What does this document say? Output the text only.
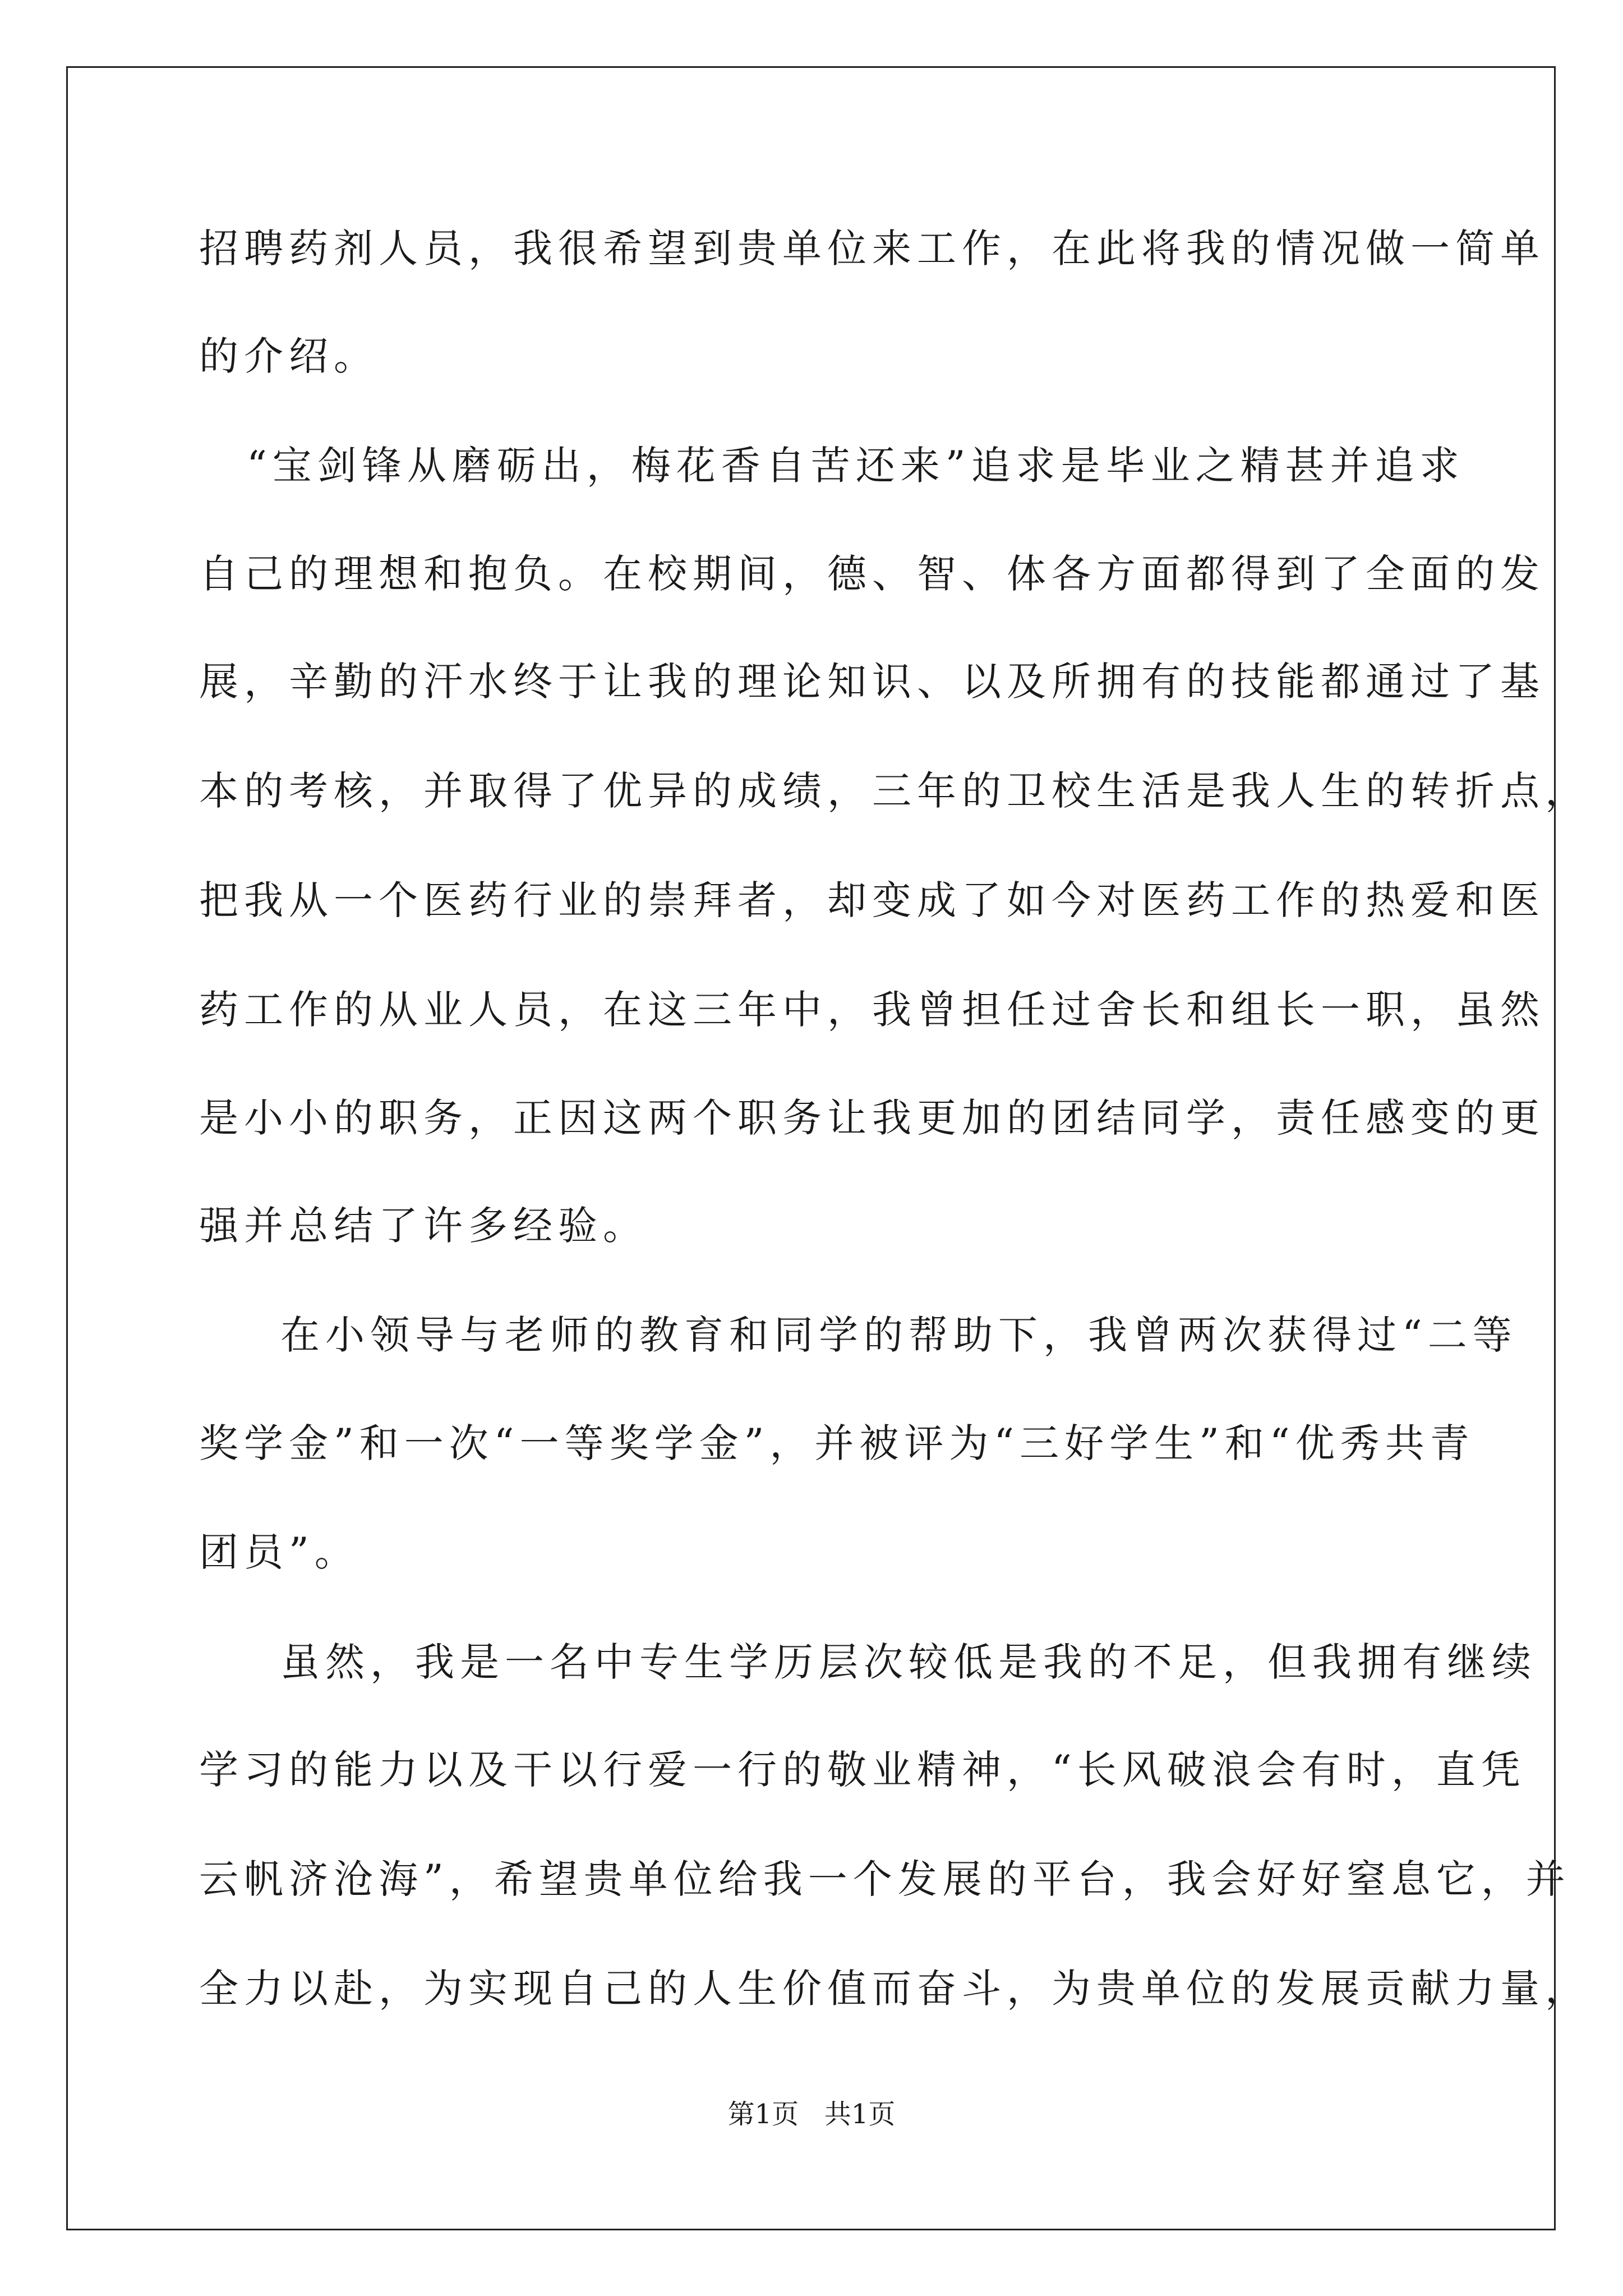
招聘药剂人员，我很希望到贵单位来工作，在此将我的情况做一简单
的介绍。
“宝剑锋从磨砺出，梅花香自苦还来”追求是毕业之精甚并追求
自己的理想和抱负。在校期间，德、智、体各方面都得到了全面的发
展，辛勤的汗水终于让我的理论知识、以及所拥有的技能都通过了基
本的考核，并取得了优异的成绩，三年的卫校生活是我人生的转折点，
把我从一个医药行业的崇拜者，却变成了如今对医药工作的热爱和医
药工作的从业人员，在这三年中，我曾担任过舍长和组长一职，虽然
是小小的职务，正因这两个职务让我更加的团结同学，责任感变的更
强并总结了许多经验。
在小领导与老师的教育和同学的帮助下，我曾两次获得过“二等
奖学金”和一次“一等奖学金”，并被评为“三好学生”和“优秀共青
团员”。
虽然，我是一名中专生学历层次较低是我的不足，但我拥有继续
学习的能力以及干以行爱一行的敬业精神，“长风破浪会有时，直凭
云帆济沧海”，希望贵单位给我一个发展的平台，我会好好窒息它，并
全力以赴，为实现自己的人生价值而奋斗，为贵单位的发展贡献力量，
第1页   共1页
